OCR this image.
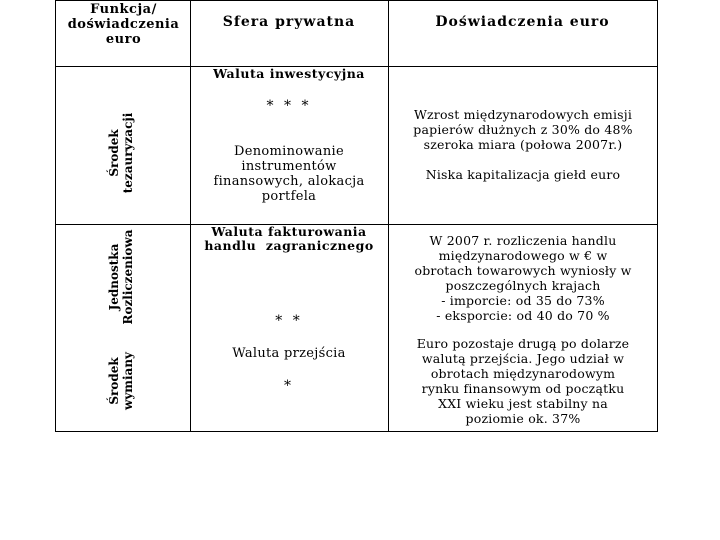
Funkcja/
doświadczenia
euro
Sfera prywatna	Doświadczenia euro
Środek tezauryzacji
Jednostka Rozliczeniowa
Środek wymiany
Waluta inwestycyjna
* * *
Denominowanie
instrumentów
finansowych, alokacja
portfela
Wzrost międzynarodowych emisji
papierów dłużnych z 30% do 48%
szeroka miara (połowa 2007r.)
Niska kapitalizacja giełd euro
Waluta fakturowania
handlu  zagranicznego	W 2007 r. rozliczenia handlu
międzynarodowego w € w
obrotach towarowych wyniosły w
poszczególnych krajach
- imporcie: od 35 do 73%
- eksporcie: od 40 do 70 %
* *
Waluta przejścia
*
Euro pozostaje drugą po dolarze
walutą przejścia. Jego udział w
obrotach międzynarodowym
rynku finansowym od początku
XXI wieku jest stabilny na
poziomie ok. 37%
